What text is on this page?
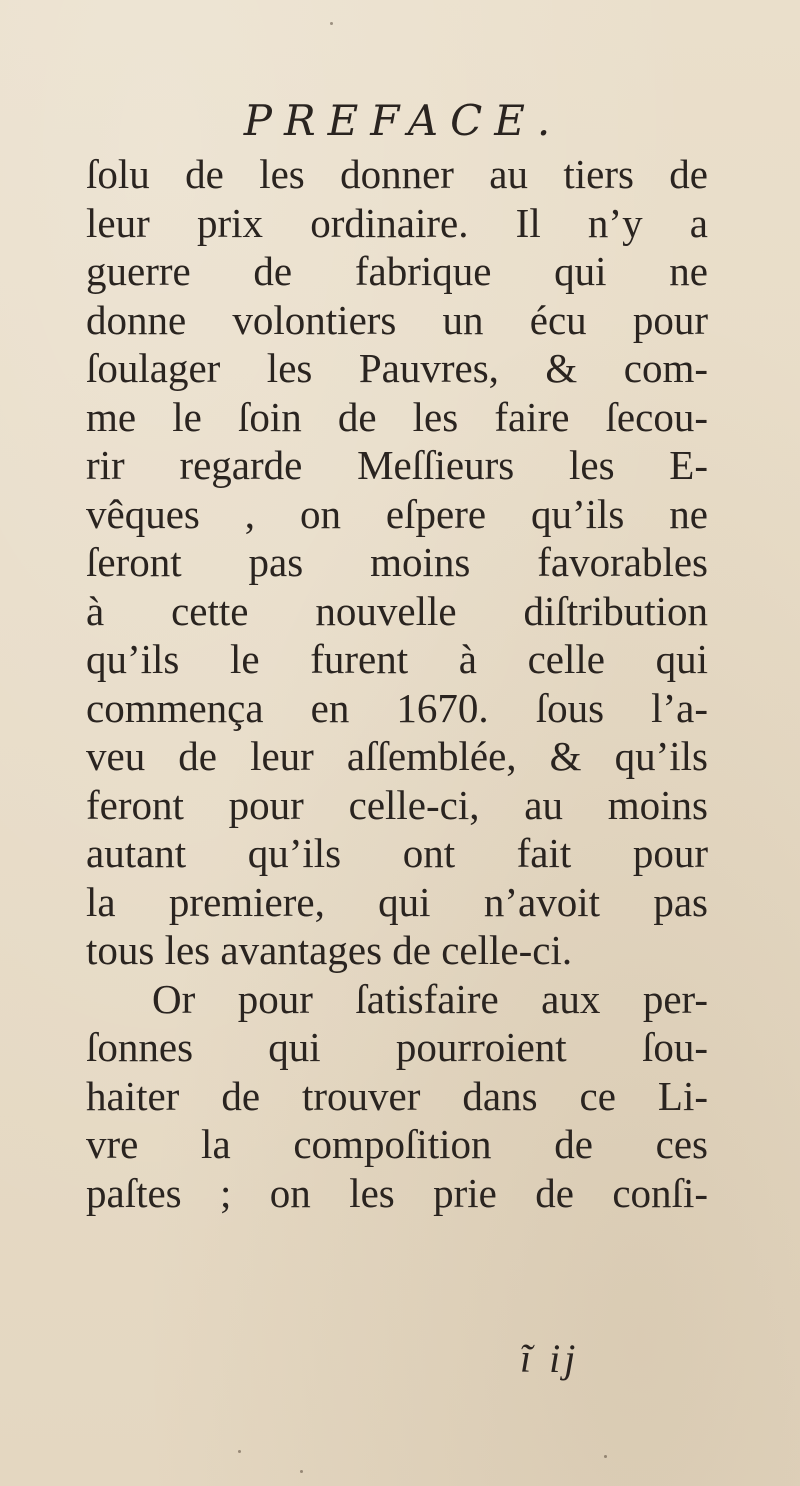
PREFACE.
ſolu de les donner au tiers de
leur prix ordinaire. Il n’y a
guerre de fabrique qui ne
donne volontiers un écu pour
ſoulager les Pauvres, & com-
me le ſoin de les faire ſecou-
rir regarde Meſſieurs les E-
vêques , on eſpere qu’ils ne
ſeront pas moins favorables
à cette nouvelle diſtribution
qu’ils le furent à celle qui
commença en 1670. ſous l’a-
veu de leur aſſemblée, & qu’ils
feront pour celle-ci, au moins
autant qu’ils ont fait pour
la premiere, qui n’avoit pas
tous les avantages de celle-ci.
Or pour ſatisfaire aux per-
ſonnes qui pourroient ſou-
haiter de trouver dans ce Li-
vre la compoſition de ces
paſtes ; on les prie de conſi-
ĩ ij
